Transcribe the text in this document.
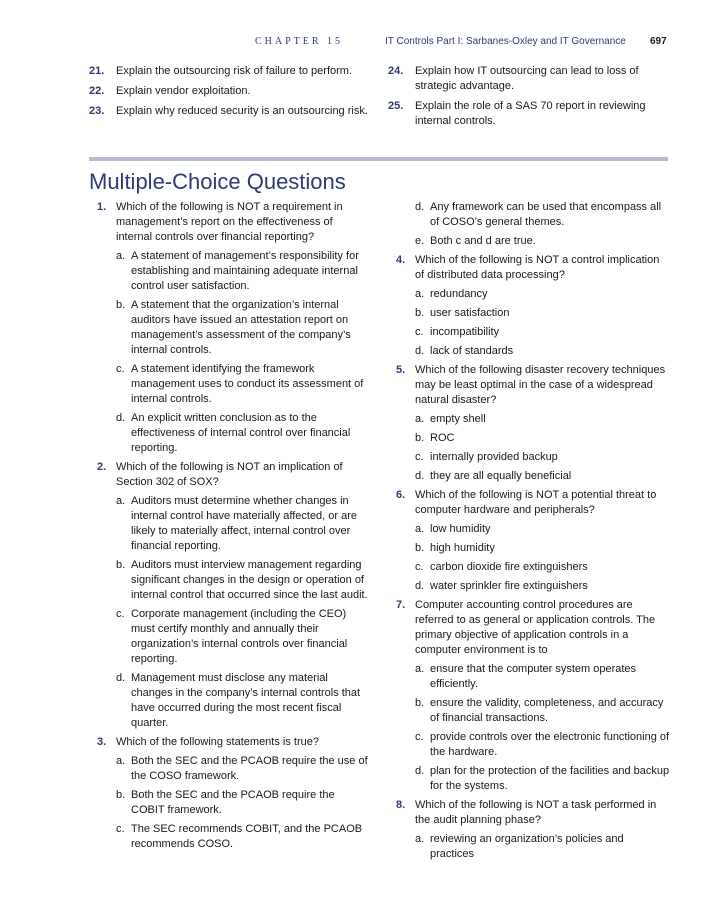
CHAPTER 15	IT Controls Part I: Sarbanes-Oxley and IT Governance 697
21. Explain the outsourcing risk of failure to perform.
22. Explain vendor exploitation.
23. Explain why reduced security is an outsourcing risk.
24. Explain how IT outsourcing can lead to loss of strategic advantage.
25. Explain the role of a SAS 70 report in reviewing internal controls.
Multiple-Choice Questions
1. Which of the following is NOT a requirement in management’s report on the effectiveness of internal controls over financial reporting?
a. A statement of management’s responsibility for establishing and maintaining adequate internal control user satisfaction.
b. A statement that the organization’s internal auditors have issued an attestation report on management’s assessment of the company’s internal controls.
c. A statement identifying the framework management uses to conduct its assessment of internal controls.
d. An explicit written conclusion as to the effectiveness of internal control over financial reporting.
2. Which of the following is NOT an implication of Section 302 of SOX?
a. Auditors must determine whether changes in internal control have materially affected, or are likely to materially affect, internal control over financial reporting.
b. Auditors must interview management regarding significant changes in the design or operation of internal control that occurred since the last audit.
c. Corporate management (including the CEO) must certify monthly and annually their organization’s internal controls over financial reporting.
d. Management must disclose any material changes in the company’s internal controls that have occurred during the most recent fiscal quarter.
3. Which of the following statements is true?
a. Both the SEC and the PCAOB require the use of the COSO framework.
b. Both the SEC and the PCAOB require the COBIT framework.
c. The SEC recommends COBIT, and the PCAOB recommends COSO.
d. Any framework can be used that encompass all of COSO’s general themes.
e. Both c and d are true.
4. Which of the following is NOT a control implication of distributed data processing?
a. redundancy
b. user satisfaction
c. incompatibility
d. lack of standards
5. Which of the following disaster recovery techniques may be least optimal in the case of a widespread natural disaster?
a. empty shell
b. ROC
c. internally provided backup
d. they are all equally beneficial
6. Which of the following is NOT a potential threat to computer hardware and peripherals?
a. low humidity
b. high humidity
c. carbon dioxide fire extinguishers
d. water sprinkler fire extinguishers
7. Computer accounting control procedures are referred to as general or application controls. The primary objective of application controls in a computer environment is to
a. ensure that the computer system operates efficiently.
b. ensure the validity, completeness, and accuracy of financial transactions.
c. provide controls over the electronic functioning of the hardware.
d. plan for the protection of the facilities and backup for the systems.
8. Which of the following is NOT a task performed in the audit planning phase?
a. reviewing an organization’s policies and practices
